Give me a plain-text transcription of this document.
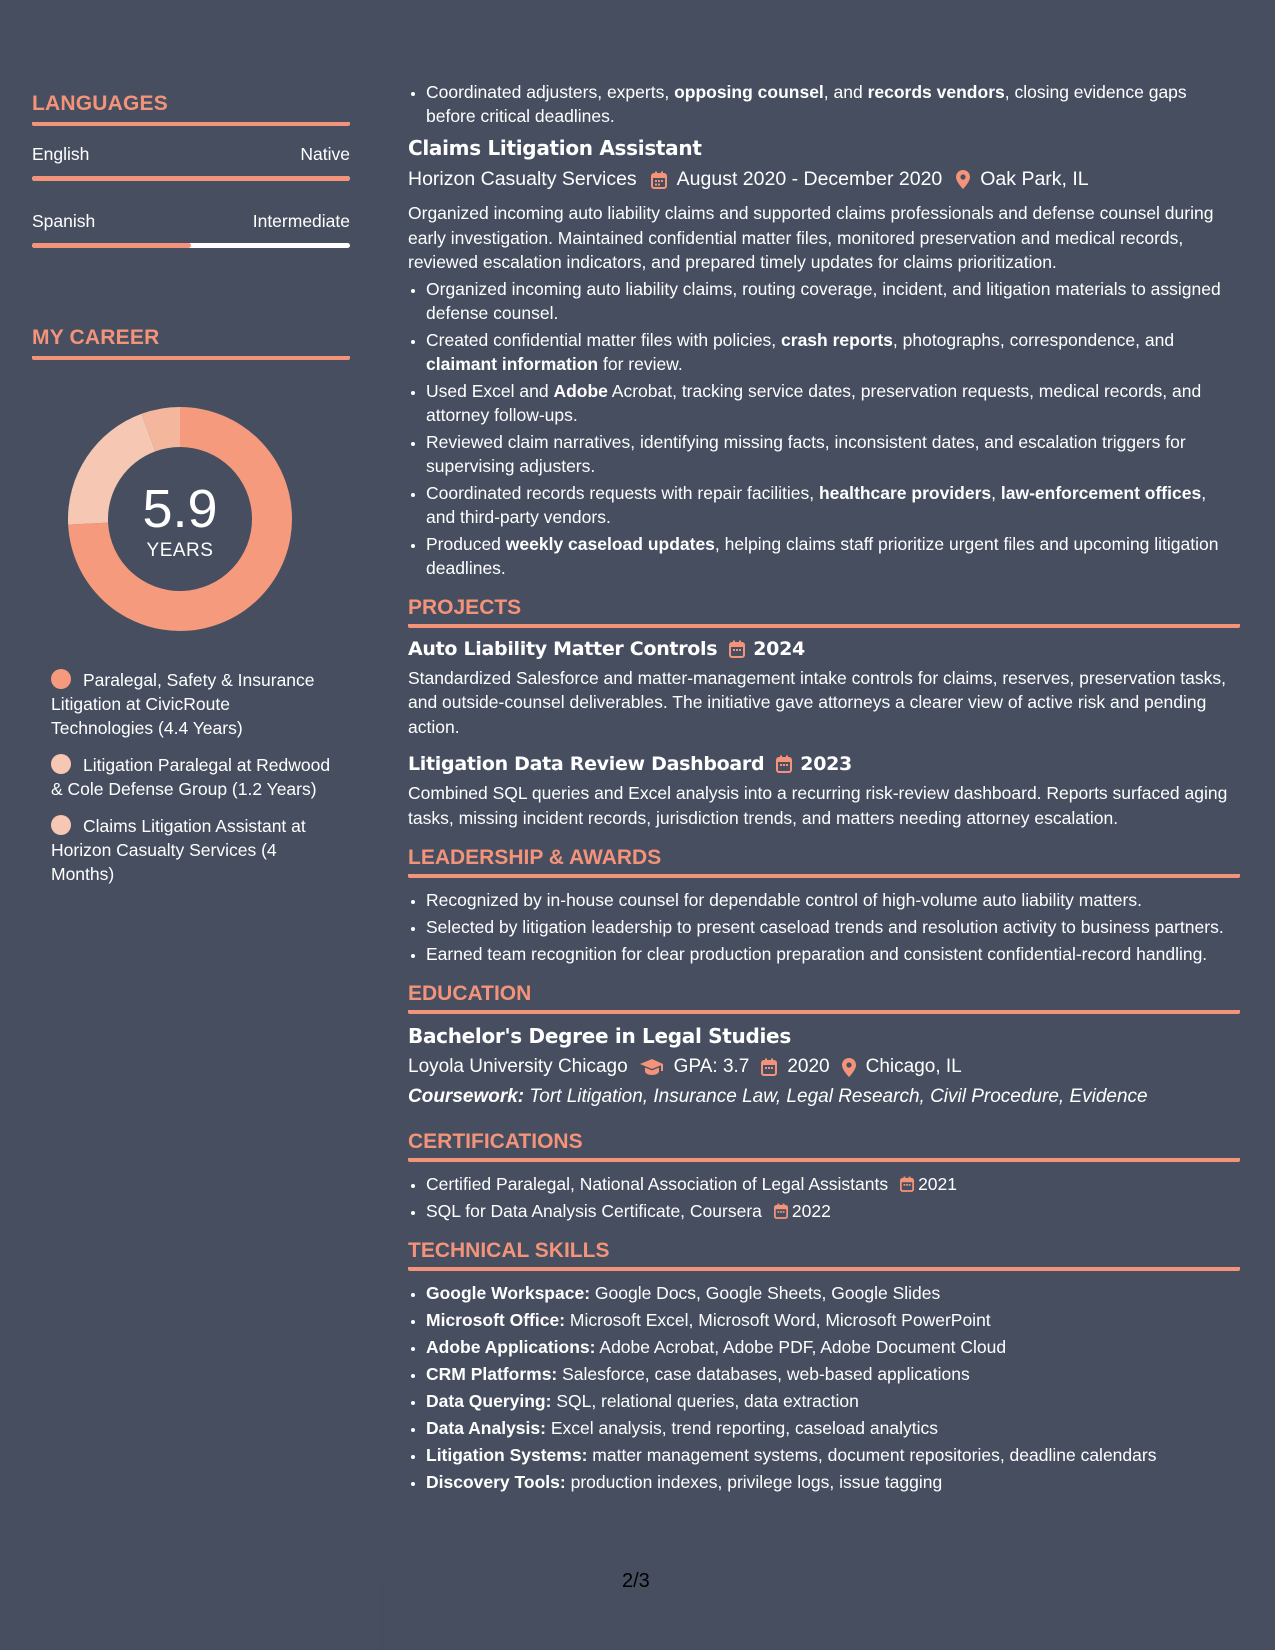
LANGUAGES
English	Native
Spanish	Intermediate
MY CAREER
5.9
YEARS
Paralegal, Safety & Insurance Litigation at CivicRoute Technologies (4.4 Years)
Litigation Paralegal at Redwood & Cole Defense Group (1.2 Years)
Claims Litigation Assistant at Horizon Casualty Services (4 Months)
• Coordinated adjusters, experts, opposing counsel, and records vendors, closing evidence gaps before critical deadlines.
Claims Litigation Assistant
Horizon Casualty Services August 2020 - December 2020 Oak Park, IL
Organized incoming auto liability claims and supported claims professionals and defense counsel during early investigation. Maintained confidential matter files, monitored preservation and medical records, reviewed escalation indicators, and prepared timely updates for claims prioritization.
• Organized incoming auto liability claims, routing coverage, incident, and litigation materials to assigned defense counsel.
• Created confidential matter files with policies, crash reports, photographs, correspondence, and claimant information for review.
• Used Excel and Adobe Acrobat, tracking service dates, preservation requests, medical records, and attorney follow-ups.
• Reviewed claim narratives, identifying missing facts, inconsistent dates, and escalation triggers for supervising adjusters.
• Coordinated records requests with repair facilities, healthcare providers, law-enforcement offices, and third-party vendors.
• Produced weekly caseload updates, helping claims staff prioritize urgent files and upcoming litigation deadlines.
PROJECTS
Auto Liability Matter Controls 2024
Standardized Salesforce and matter-management intake controls for claims, reserves, preservation tasks, and outside-counsel deliverables. The initiative gave attorneys a clearer view of active risk and pending action.
Litigation Data Review Dashboard 2023
Combined SQL queries and Excel analysis into a recurring risk-review dashboard. Reports surfaced aging tasks, missing incident records, jurisdiction trends, and matters needing attorney escalation.
LEADERSHIP & AWARDS
• Recognized by in-house counsel for dependable control of high-volume auto liability matters.
• Selected by litigation leadership to present caseload trends and resolution activity to business partners.
• Earned team recognition for clear production preparation and consistent confidential-record handling.
EDUCATION
Bachelor's Degree in Legal Studies
Loyola University Chicago GPA: 3.7 2020 Chicago, IL
Coursework: Tort Litigation, Insurance Law, Legal Research, Civil Procedure, Evidence
CERTIFICATIONS
• Certified Paralegal, National Association of Legal Assistants 2021
• SQL for Data Analysis Certificate, Coursera 2022
TECHNICAL SKILLS
• Google Workspace: Google Docs, Google Sheets, Google Slides
• Microsoft Office: Microsoft Excel, Microsoft Word, Microsoft PowerPoint
• Adobe Applications: Adobe Acrobat, Adobe PDF, Adobe Document Cloud
• CRM Platforms: Salesforce, case databases, web-based applications
• Data Querying: SQL, relational queries, data extraction
• Data Analysis: Excel analysis, trend reporting, caseload analytics
• Litigation Systems: matter management systems, document repositories, deadline calendars
• Discovery Tools: production indexes, privilege logs, issue tagging
2/3
